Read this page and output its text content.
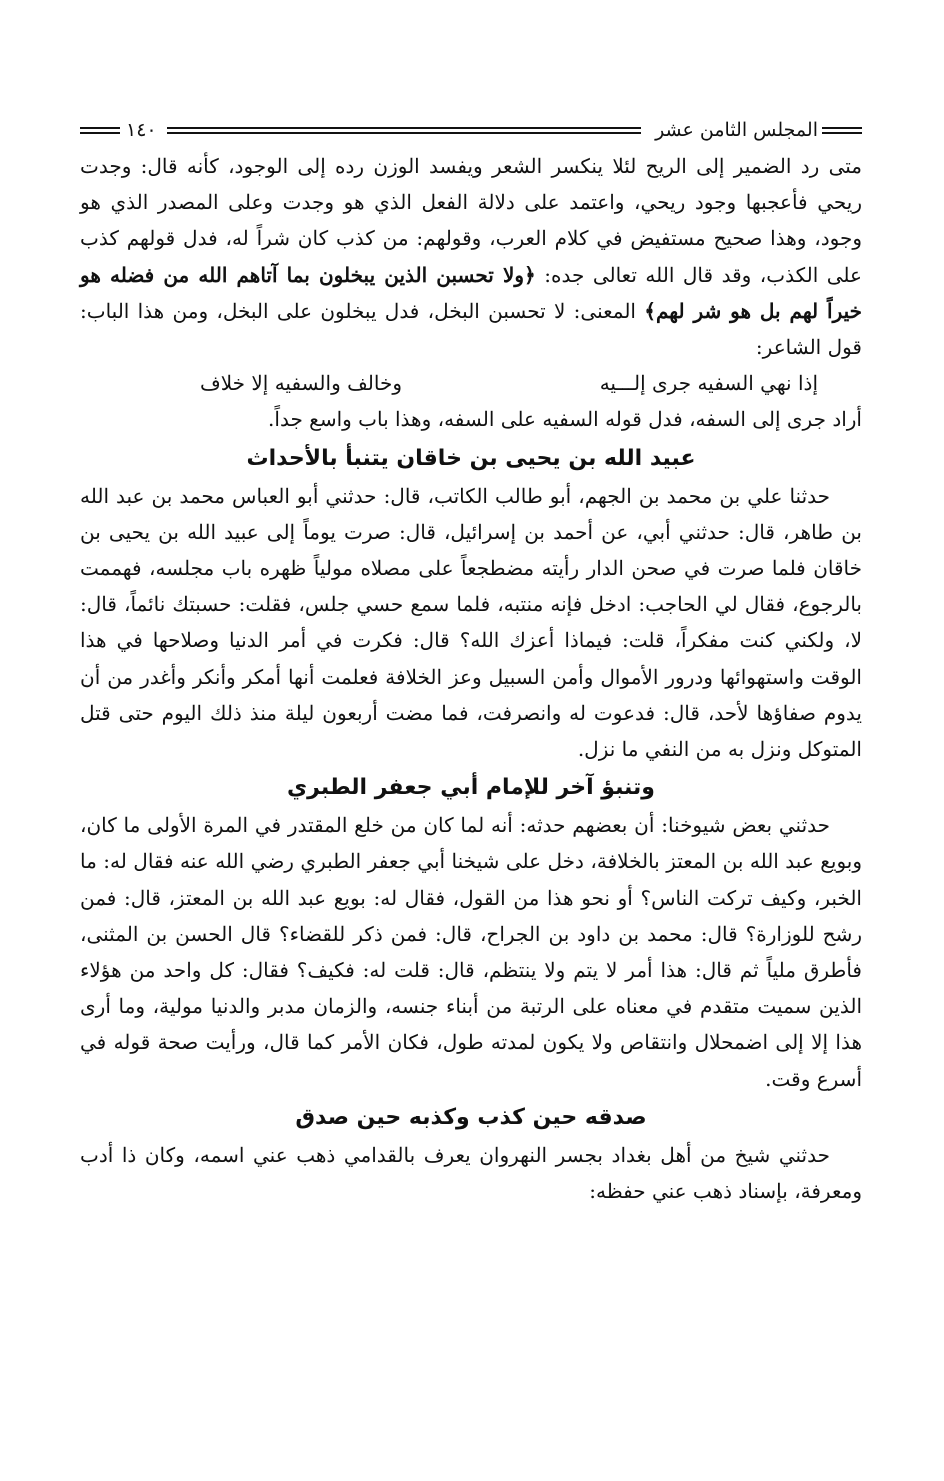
المجلس الثامن عشر
١٤٠

متى رد الضمير إلى الريح لئلا ينكسر الشعر ويفسد الوزن رده إلى الوجود، كأنه قال: وجدت ريحي فأعجبها وجود ريحي، واعتمد على دلالة الفعل الذي هو وجدت وعلى المصدر الذي هو وجود، وهذا صحيح مستفيض في كلام العرب، وقولهم: من كذب كان شراً له، فدل قولهم كذب على الكذب، وقد قال الله تعالى جده: ﴿ولا تحسبن الذين يبخلون بما آتاهم الله من فضله هو خيراً لهم بل هو شر لهم﴾ المعنى: لا تحسبن البخل، فدل يبخلون على البخل، ومن هذا الباب: قول الشاعر:

إذا نهي السفيه جرى إلـــيه
وخالف والسفيه إلا خلاف

أراد جرى إلى السفه، فدل قوله السفيه على السفه، وهذا باب واسع جداً.

عبيد الله بن يحيى بن خاقان يتنبأ بالأحداث

حدثنا علي بن محمد بن الجهم، أبو طالب الكاتب، قال: حدثني أبو العباس محمد بن عبد الله بن طاهر، قال: حدثني أبي، عن أحمد بن إسرائيل، قال: صرت يوماً إلى عبيد الله بن يحيى بن خاقان فلما صرت في صحن الدار رأيته مضطجعاً على مصلاه مولياً ظهره باب مجلسه، فهممت بالرجوع، فقال لي الحاجب: ادخل فإنه منتبه، فلما سمع حسي جلس، فقلت: حسبتك نائماً، قال: لا، ولكني كنت مفكراً، قلت: فيماذا أعزك الله؟ قال: فكرت في أمر الدنيا وصلاحها في هذا الوقت واستهوائها ودرور الأموال وأمن السبيل وعز الخلافة فعلمت أنها أمكر وأنكر وأغدر من أن يدوم صفاؤها لأحد، قال: فدعوت له وانصرفت، فما مضت أربعون ليلة منذ ذلك اليوم حتى قتل المتوكل ونزل به من النفي ما نزل.

وتنبؤ آخر للإمام أبي جعفر الطبري

حدثني بعض شيوخنا: أن بعضهم حدثه: أنه لما كان من خلع المقتدر في المرة الأولى ما كان، وبويع عبد الله بن المعتز بالخلافة، دخل على شيخنا أبي جعفر الطبري رضي الله عنه فقال له: ما الخبر، وكيف تركت الناس؟ أو نحو هذا من القول، فقال له: بويع عبد الله بن المعتز، قال: فمن رشح للوزارة؟ قال: محمد بن داود بن الجراح، قال: فمن ذكر للقضاء؟ قال الحسن بن المثنى، فأطرق ملياً ثم قال: هذا أمر لا يتم ولا ينتظم، قال: قلت له: فكيف؟ فقال: كل واحد من هؤلاء الذين سميت متقدم في معناه على الرتبة من أبناء جنسه، والزمان مدبر والدنيا مولية، وما أرى هذا إلا إلى اضمحلال وانتقاص ولا يكون لمدته طول، فكان الأمر كما قال، ورأيت صحة قوله في أسرع وقت.

صدقه حين كذب وكذبه حين صدق

حدثني شيخ من أهل بغداد بجسر النهروان يعرف بالقدامي ذهب عني اسمه، وكان ذا أدب ومعرفة، بإسناد ذهب عني حفظه:
